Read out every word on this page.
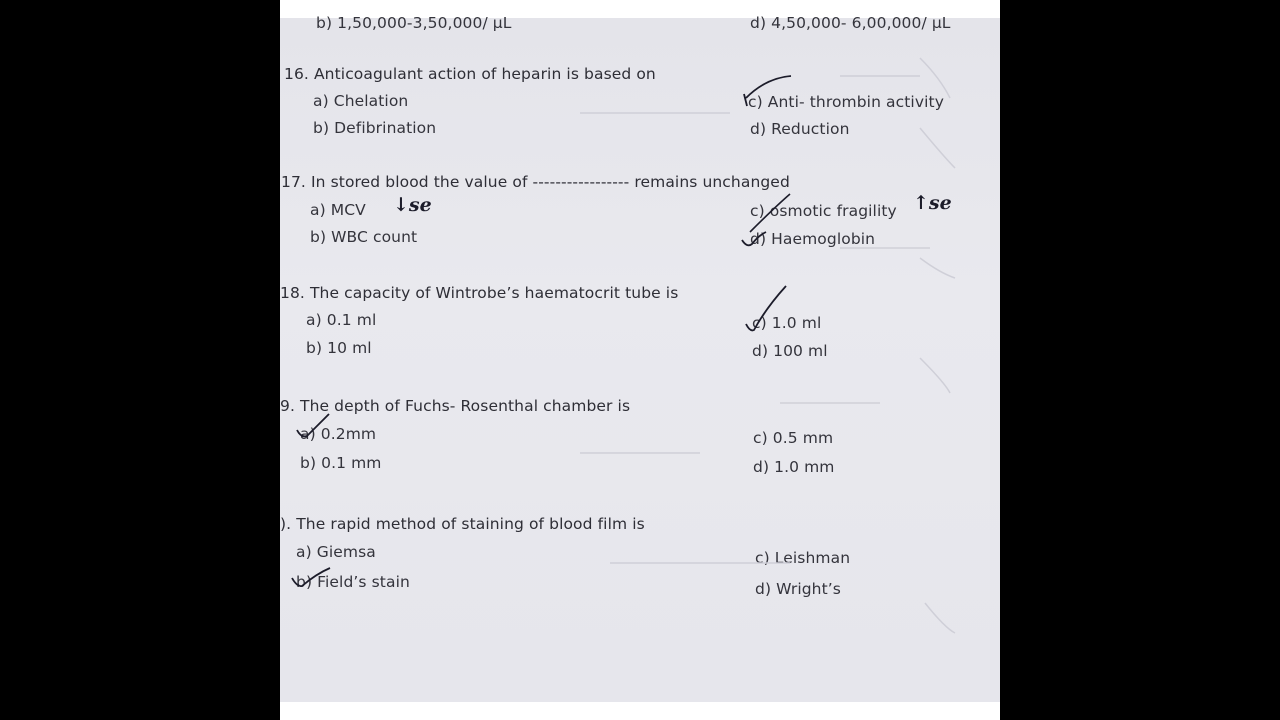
b) 1,50,000-3,50,000/ μL	d) 4,50,000- 6,00,000/ μL
16. Anticoagulant action of heparin is based on
a) Chelation
b) Defibrination
c) Anti- thrombin activity
d) Reduction
17. In stored blood the value of ----------------- remains unchanged
a) MCV ↓se
b) WBC count
c) osmotic fragility ↑se
d) Haemoglobin
18. The capacity of Wintrobe’s haematocrit tube is
a) 0.1 ml
b) 10 ml
c) 1.0 ml
d) 100 ml
9. The depth of Fuchs- Rosenthal chamber is
a) 0.2mm
b) 0.1 mm
c) 0.5 mm
d) 1.0 mm
). The rapid method of staining of blood film is
a) Giemsa
b) Field’s stain
c) Leishman
d) Wright’s
